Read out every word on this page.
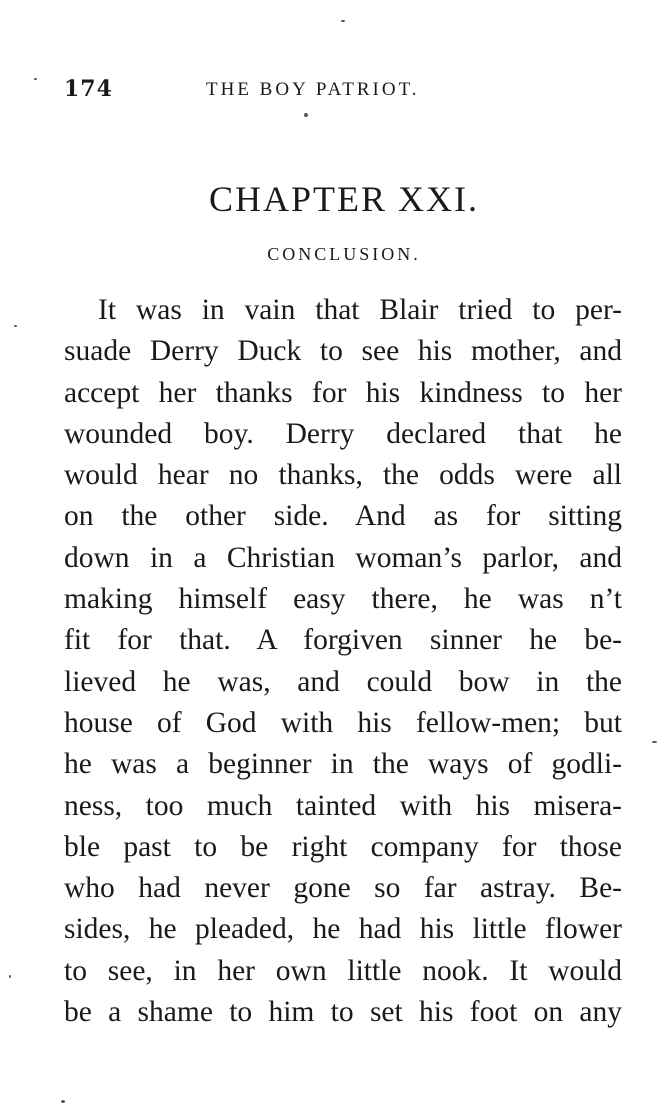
174	THE BOY PATRIOT.
CHAPTER XXI.
CONCLUSION.
It was in vain that Blair tried to per-
suade Derry Duck to see his mother, and
accept her thanks for his kindness to her
wounded boy. Derry declared that he
would hear no thanks, the odds were all
on the other side. And as for sitting
down in a Christian woman’s parlor, and
making himself easy there, he was n’t
fit for that. A forgiven sinner he be-
lieved he was, and could bow in the
house of God with his fellow-men; but
he was a beginner in the ways of godli-
ness, too much tainted with his misera-
ble past to be right company for those
who had never gone so far astray. Be-
sides, he pleaded, he had his little flower
to see, in her own little nook. It would
be a shame to him to set his foot on any
